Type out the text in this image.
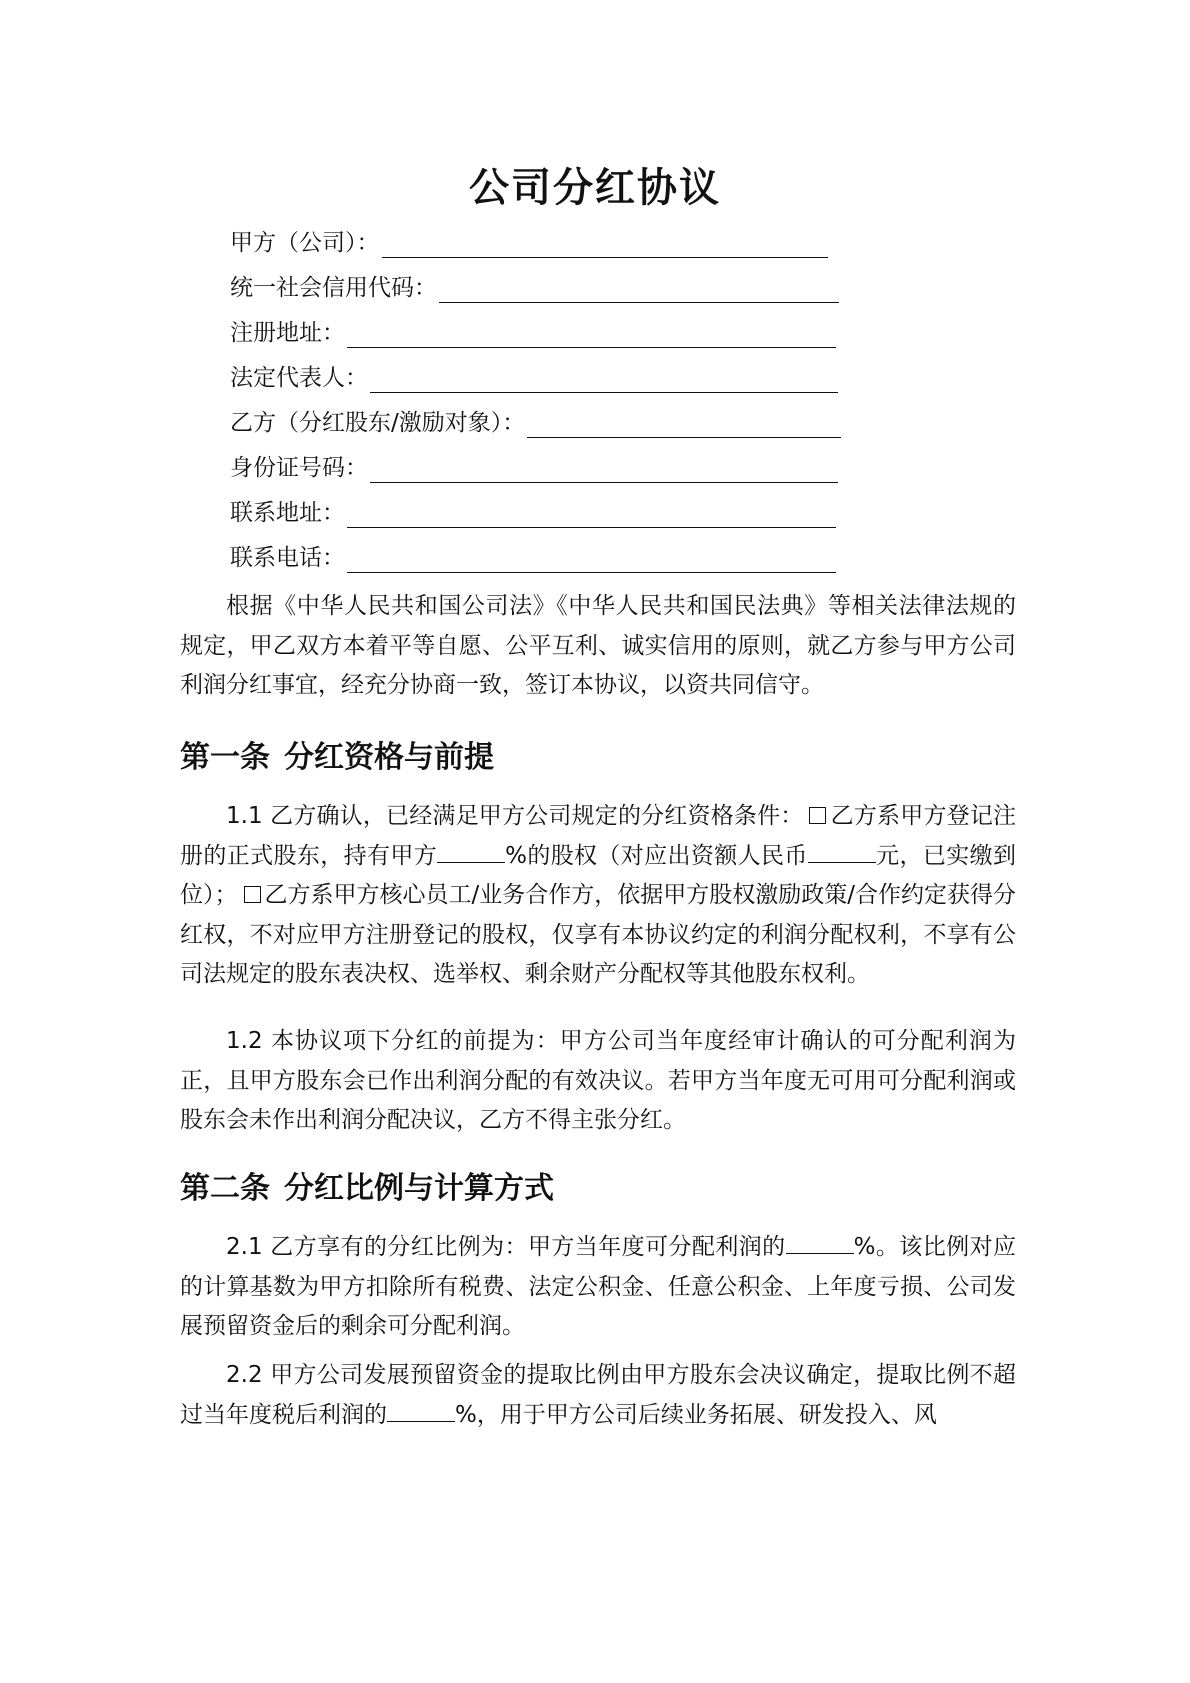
公司分红协议
甲方（公司）：
统一社会信用代码：
注册地址：
法定代表人：
乙方（分红股东/激励对象）：
身份证号码：
联系地址：
联系电话：

根据《中华人民共和国公司法》《中华人民共和国民法典》等相关法律法规的规定，甲乙双方本着平等自愿、公平互利、诚实信用的原则，就乙方参与甲方公司利润分红事宜，经充分协商一致，签订本协议，以资共同信守。

第一条 分红资格与前提

1.1 乙方确认，已经满足甲方公司规定的分红资格条件： 乙方系甲方登记注册的正式股东，持有甲方	%的股权（对应出资额人民币	元，已实缴到位）； 乙方系甲方核心员工/业务合作方，依据甲方股权激励政策/合作约定获得分红权，不对应甲方注册登记的股权，仅享有本协议约定的利润分配权利，不享有公司法规定的股东表决权、选举权、剩余财产分配权等其他股东权利。

1.2 本协议项下分红的前提为：甲方公司当年度经审计确认的可分配利润为正，且甲方股东会已作出利润分配的有效决议。若甲方当年度无可用可分配利润或股东会未作出利润分配决议，乙方不得主张分红。

第二条 分红比例与计算方式

2.1 乙方享有的分红比例为：甲方当年度可分配利润的	%。该比例对应的计算基数为甲方扣除所有税费、法定公积金、任意公积金、上年度亏损、公司发展预留资金后的剩余可分配利润。

2.2 甲方公司发展预留资金的提取比例由甲方股东会决议确定，提取比例不超过当年度税后利润的	%，用于甲方公司后续业务拓展、研发投入、风
